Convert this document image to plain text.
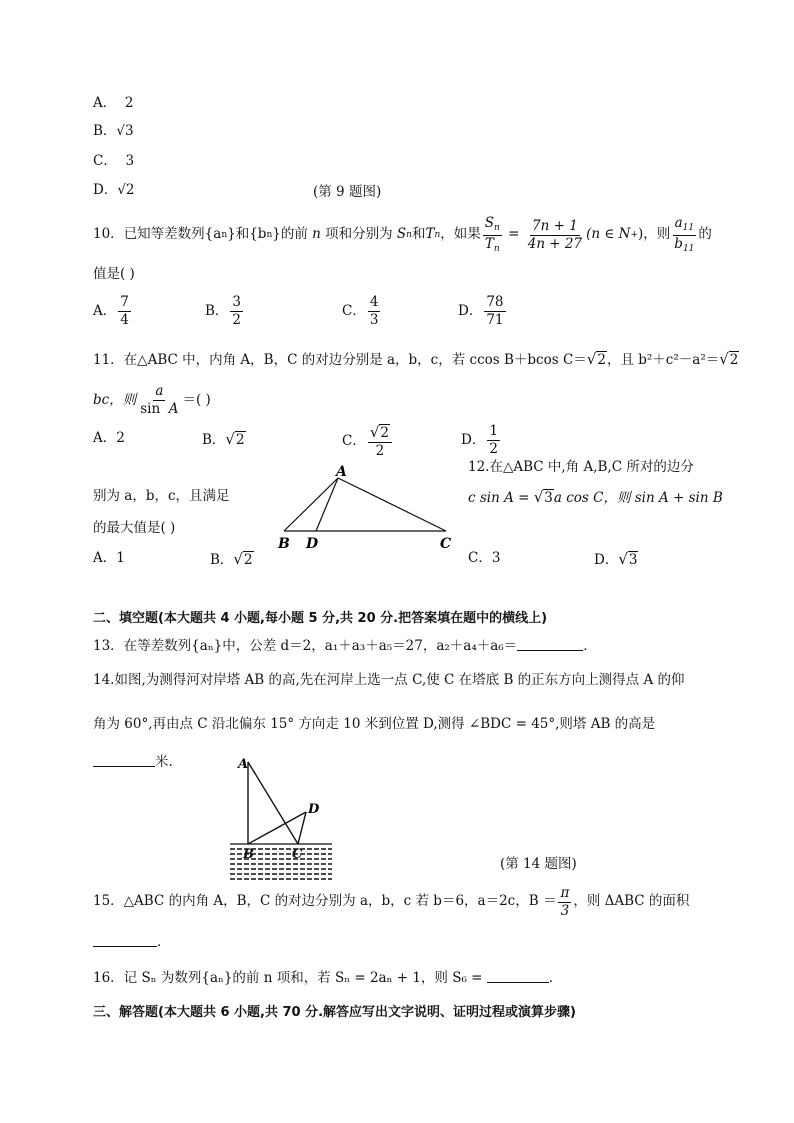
A． 2
B．√3
C． 3
D．√2	(第 9 题图)
10． 已知等差数列{a n }和{b n }的前 n 项和分别为 S n 和 T n ，如果 $\frac{S_n}{T_n} = \frac{7n + 1}{4n + 27} (n$ ∈ N + ) ，则 $\frac{a_{11}}{b_{11}}$ 的
值是( )
A． $\frac{7}{4}$	B． $\frac{3}{2}$	C． $\frac{4}{3}$	D． $\frac{78}{71}$
11．在△ABC 中，内角 A，B，C 的对边分别是 a，b，c，若 ccos B＋bcos C＝√2，且 b²＋c²－a²＝√2
bc，则 $\frac{a}{\text{sin  A}}$ ＝( )
A．2	B．√2	C． $\frac{√2}{2}$	D． $\frac{1}{2}$
12.在△ABC 中,角 A,B,C 所对的边分
别为 a，b，c，且满足	c sin A = √3a cos C，则 sin A + sin B
的最大值是( )
A
B D	C
A．1	B．√2	C．3	D．√3
二、填空题(本大题共 4 小题,每小题 5 分,共 20 分.把答案填在题中的横线上)
13．在等差数列{aₙ}中，公差 d＝2，a₁＋a₃＋a₅＝27，a₂＋a₄＋a₆＝	．
14.如图,为测得河对岸塔 AB 的高,先在河岸上选一点 C,使 C 在塔底 B 的正东方向上测得点 A 的仰
角为 60°,再由点 C 沿北偏东 15° 方向走 10 米到位置 D,测得 ∠BDC = 45°,则塔 AB 的高是
米.	A
D
B	C
(第 14 题图)
15．△ABC 的内角 A，B，C 的对边分别为 a，b，c 若 b＝6，a＝2c，$B = \frac{\pi}{3}$ ，则 ΔABC 的面积
．
16．记 Sₙ 为数列{aₙ}的前 n 项和，若 Sₙ = 2aₙ + 1，则 S₆ =	．
三、解答题(本大题共 6 小题,共 70 分.解答应写出文字说明、证明过程或演算步骤)
